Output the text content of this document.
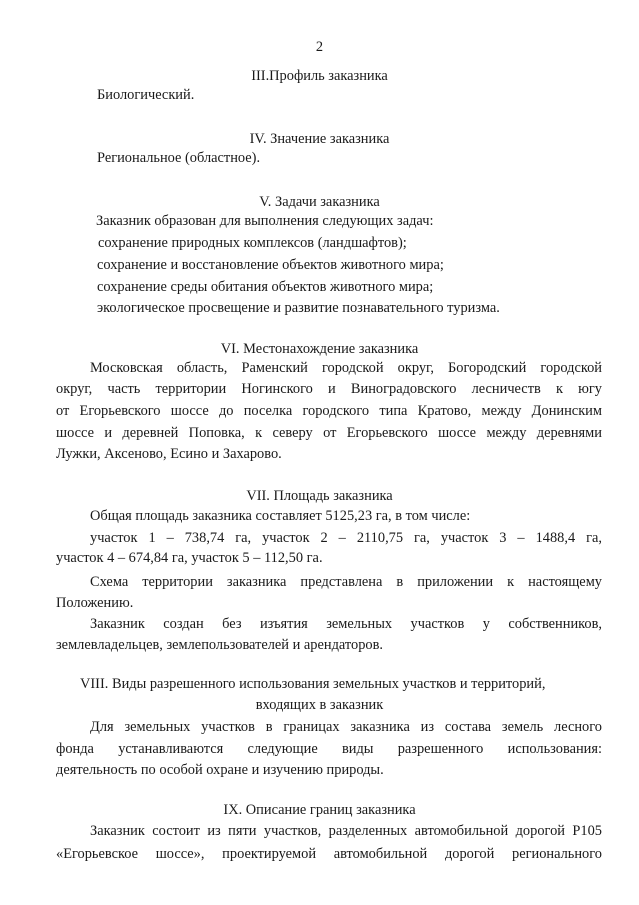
2
III.Профиль заказника
Биологический.
IV. Значение заказника
Региональное (областное).
V. Задачи заказника
Заказник образован для выполнения следующих задач:
сохранение природных комплексов (ландшафтов);
сохранение и восстановление объектов животного мира;
сохранение среды обитания объектов животного мира;
экологическое просвещение и развитие познавательного туризма.
VI. Местонахождение заказника
Московская область, Раменский городской округ, Богородский городской
округ, часть территории Ногинского и Виноградовского лесничеств к югу
от Егорьевского шоссе до поселка городского типа Кратово, между Донинским
шоссе и деревней Поповка, к северу от Егорьевского шоссе между деревнями
Лужки, Аксеново, Есино и Захарово.
VII. Площадь заказника
Общая площадь заказника составляет 5125,23 га, в том числе:
участок 1 – 738,74 га, участок 2 – 2110,75 га, участок 3 – 1488,4 га,
участок 4 – 674,84 га, участок 5 – 112,50 га.
Схема территории заказника представлена в приложении к настоящему
Положению.
Заказник создан без изъятия земельных участков у собственников,
землевладельцев, землепользователей и арендаторов.
VIII. Виды разрешенного использования земельных участков и территорий,
входящих в заказник
Для земельных участков в границах заказника из состава земель лесного
фонда устанавливаются следующие виды разрешенного использования:
деятельность по особой охране и изучению природы.
IX. Описание границ заказника
Заказник состоит из пяти участков, разделенных автомобильной дорогой Р105
«Егорьевское шоссе», проектируемой автомобильной дорогой регионального
